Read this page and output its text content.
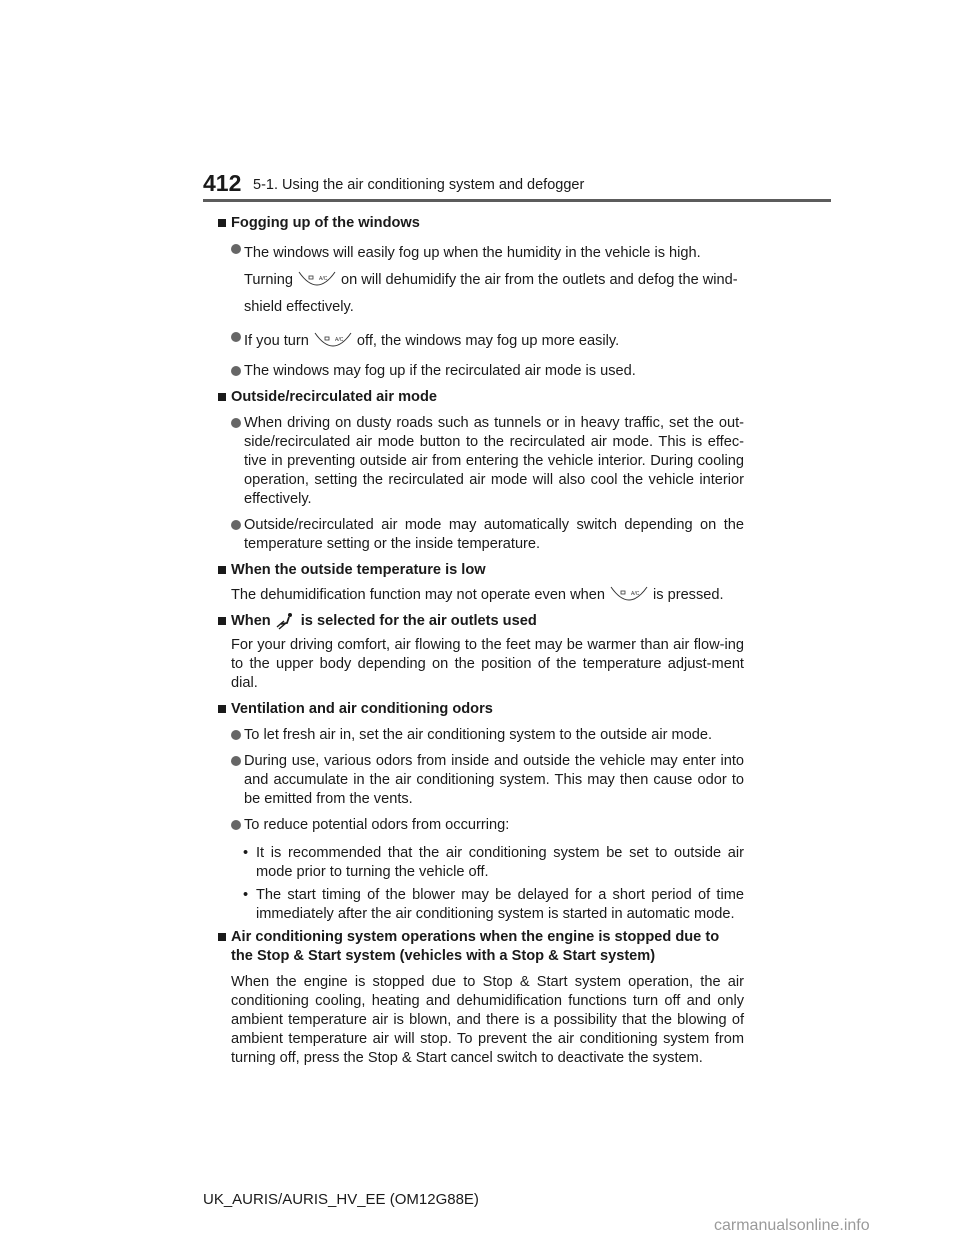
412 5-1. Using the air conditioning system and defogger
Fogging up of the windows
The windows will easily fog up when the humidity in the vehicle is high.
Turning	A/C on will dehumidify the air from the outlets and defog the wind-
shield effectively.
If you turn	A/C off, the windows may fog up more easily.
The windows may fog up if the recirculated air mode is used.
Outside/recirculated air mode
When driving on dusty roads such as tunnels or in heavy traffic, set the out-side/recirculated air mode button to the recirculated air mode. This is effec-tive in preventing outside air from entering the vehicle interior. During cooling operation, setting the recirculated air mode will also cool the vehicle interior effectively.
Outside/recirculated air mode may automatically switch depending on the temperature setting or the inside temperature.
When the outside temperature is low
The dehumidification function may not operate even when	A/C is pressed.
When is selected for the air outlets used
For your driving comfort, air flowing to the feet may be warmer than air flow-ing to the upper body depending on the position of the temperature adjust-ment dial.
Ventilation and air conditioning odors
To let fresh air in, set the air conditioning system to the outside air mode.
During use, various odors from inside and outside the vehicle may enter into and accumulate in the air conditioning system. This may then cause odor to be emitted from the vents.
To reduce potential odors from occurring:
• It is recommended that the air conditioning system be set to outside air mode prior to turning the vehicle off.
• The start timing of the blower may be delayed for a short period of time immediately after the air conditioning system is started in automatic mode.
Air conditioning system operations when the engine is stopped due to the Stop & Start system (vehicles with a Stop & Start system)
When the engine is stopped due to Stop & Start system operation, the air conditioning cooling, heating and dehumidification functions turn off and only ambient temperature air is blown, and there is a possibility that the blowing of ambient temperature air will stop. To prevent the air conditioning system from turning off, press the Stop & Start cancel switch to deactivate the system.
UK_AURIS/AURIS_HV_EE (OM12G88E)
carmanualsonline.info
